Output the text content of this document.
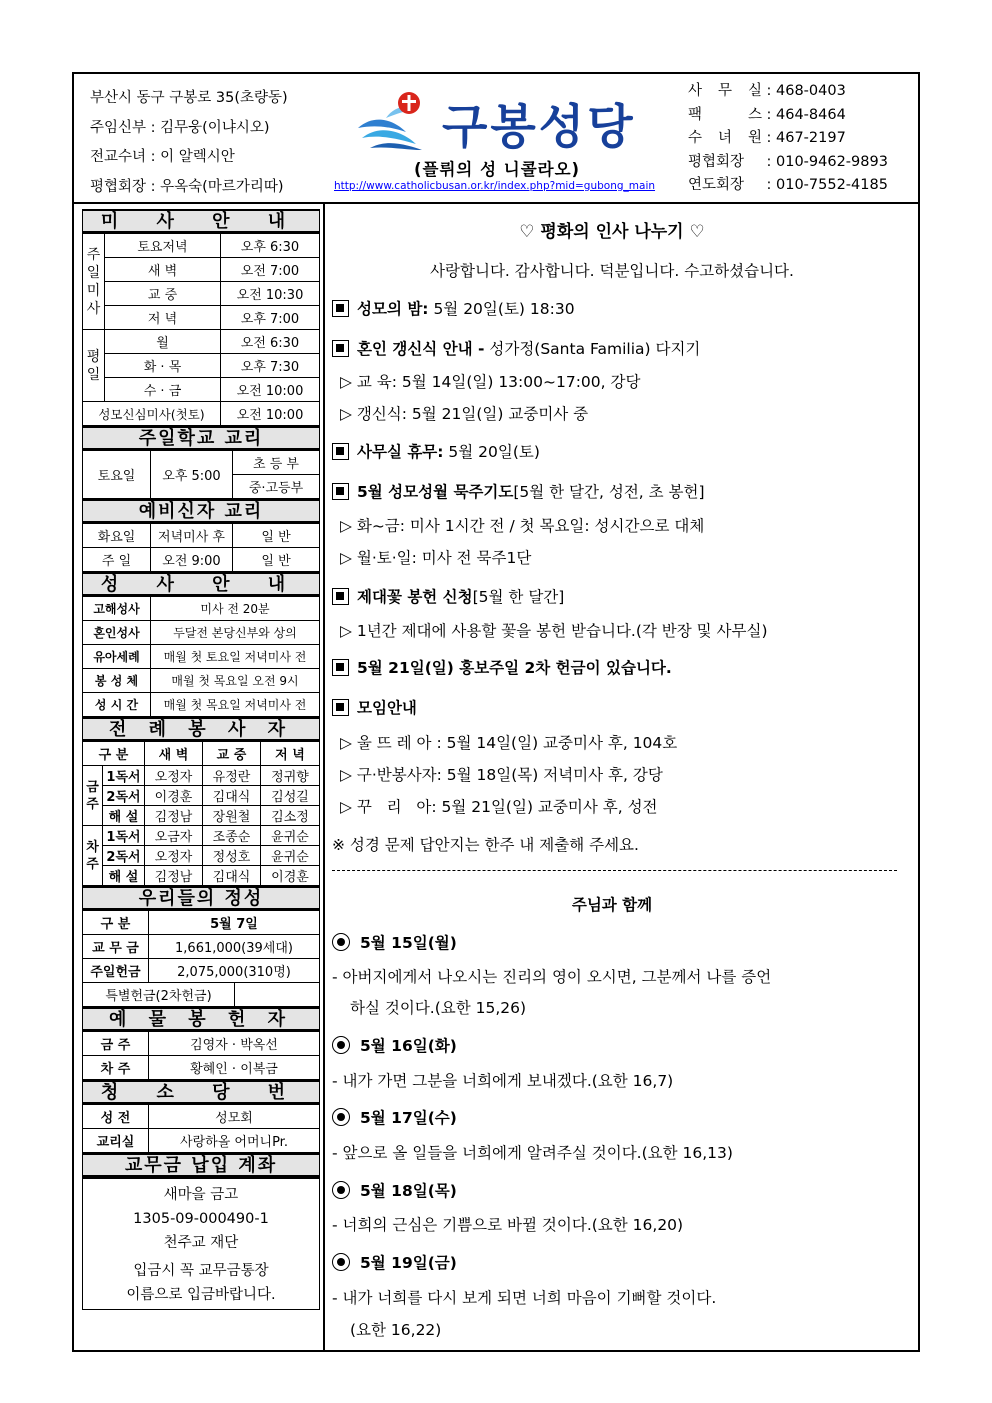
부산시 동구 구봉로 35(초량동)
주임신부 : 김무웅(이냐시오)
전교수녀 : 이 알렉시안
평협회장 : 우옥숙(마르가리따)
구봉성당
(플뤼의 성 니콜라오)
http://www.catholicbusan.or.kr/index.php?mid=gubong_main
사 무 실 : 468-0403
팩 스 : 464-8464
수 녀 원 : 467-2197
평협회장	: 010-9462-9893
연도회장	: 010-7552-4185
미 사 안 내
주
일
미
사	토요저녁	오후 6:30
	새 벽	오전 7:00
	교 중	오전 10:30
	저 녁	오후 7:00
평
일	월	오전 6:30
	화 · 목	오후 7:30
	수 · 금	오전 10:00
성모신심미사(첫토)		오전 10:00
주일학교 교리
토요일	오후 5:00	초 등 부
중·고등부
예비신자 교리
화요일	저녁미사 후	일 반
주 일	오전 9:00	일 반
성 사 안 내
고해성사	미사 전 20분
혼인성사	두달전 본당신부와 상의
유아세례	매월 첫 토요일 저녁미사 전
봉 성 체	매월 첫 목요일 오전 9시
성 시 간	매월 첫 목요일 저녁미사 전
전 례 봉 사 자
구 분		새 벽	교 중	저 녁
금
주	1독서	오정자	유정란	정귀향
	2독서	이경훈	김대식	김성길
	해 설	김정남	장원철	김소정
차
주	1독서	오금자	조종순	윤귀순
	2독서	오정자	정성호	윤귀순
	해 설	김정남	김대식	이경훈
우리들의 정성
구 분	5월 7일	
교 무 금	1,661,000(39세대)	
주일헌금	2,075,000(310명)	
특별헌금(2차헌금)		
예 물 봉 헌 자
금 주	김영자 · 박옥선
차 주	황혜인 · 이복금
청 소 당 번
성 전	성모회
교리실	사랑하올 어머니Pr.
교무금 납입 계좌
새마을 금고
1305-09-000490-1
천주교 재단
입금시 꼭 교무금통장
이름으로 입금바랍니다.
♡ 평화의 인사 나누기 ♡
사랑합니다. 감사합니다. 덕분입니다. 수고하셨습니다.
성모의 밤: 5월 20일(토) 18:30
혼인 갱신식 안내 - 성가정(Santa Familia) 다지기
▷ 교 육: 5월 14일(일) 13:00~17:00, 강당
▷ 갱신식: 5월 21일(일) 교중미사 중
사무실 휴무: 5월 20일(토)
5월 성모성월 묵주기도[5월 한 달간, 성전, 초 봉헌]
▷ 화~금: 미사 1시간 전 / 첫 목요일: 성시간으로 대체
▷ 월·토·일: 미사 전 묵주1단
제대꽃 봉헌 신청[5월 한 달간]
▷ 1년간 제대에 사용할 꽃을 봉헌 받습니다.(각 반장 및 사무실)
5월 21일(일) 홍보주일 2차 헌금이 있습니다.
모임안내
▷ 울 뜨 레 아 : 5월 14일(일) 교중미사 후, 104호
▷ 구·반봉사자: 5월 18일(목) 저녁미사 후, 강당
▷ 꾸   리   아: 5월 21일(일) 교중미사 후, 성전
※ 성경 문제 답안지는 한주 내 제출해 주세요.
주님과 함께
5월 15일(월)
- 아버지에게서 나오시는 진리의 영이 오시면, 그분께서 나를 증언
하실 것이다.(요한 15,26)
5월 16일(화)
- 내가 가면 그분을 너희에게 보내겠다.(요한 16,7)
5월 17일(수)
- 앞으로 올 일들을 너희에게 알려주실 것이다.(요한 16,13)
5월 18일(목)
- 너희의 근심은 기쁨으로 바뀔 것이다.(요한 16,20)
5월 19일(금)
- 내가 너희를 다시 보게 되면 너희 마음이 기뻐할 것이다.
(요한 16,22)
